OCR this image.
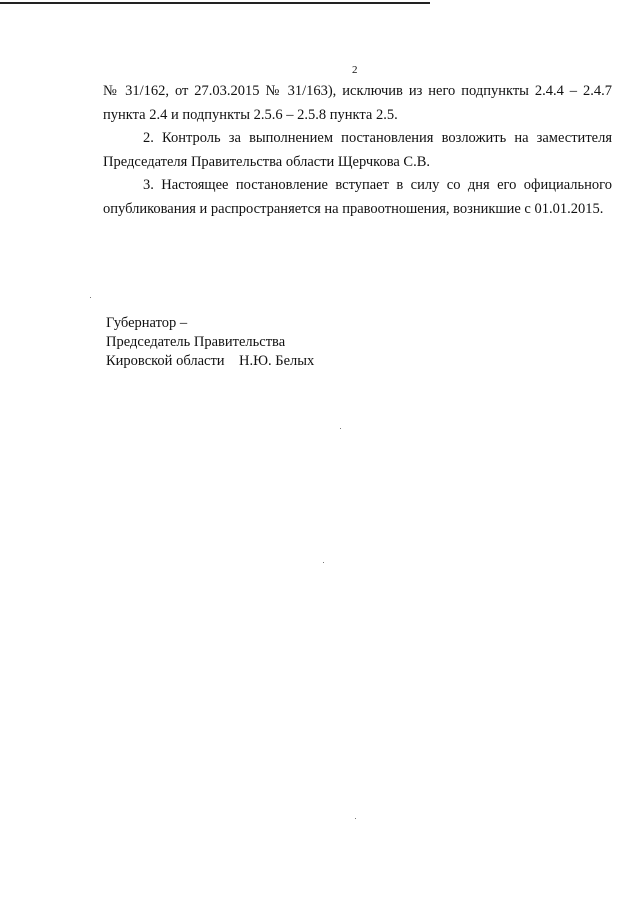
2

№ 31/162, от 27.03.2015 № 31/163), исключив из него подпункты 2.4.4 – 2.4.7 пункта 2.4 и подпункты 2.5.6 – 2.5.8 пункта 2.5.

2. Контроль за выполнением постановления возложить на заместителя Председателя Правительства области Щерчкова С.В.

3. Настоящее постановление вступает в силу со дня его официального опубликования и распространяется на правоотношения, возникшие с 01.01.2015.

Губернатор –
Председатель Правительства
Кировской области    Н.Ю. Белых
